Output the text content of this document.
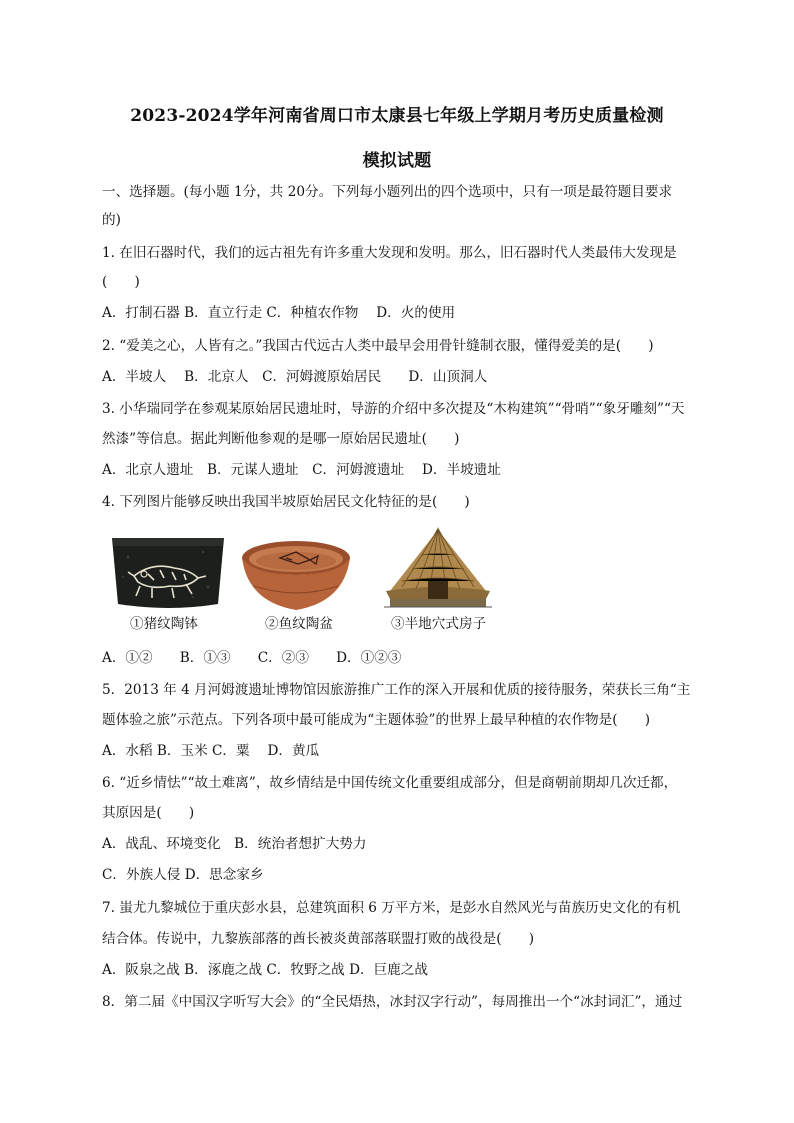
2023-2024学年河南省周口市太康县七年级上学期月考历史质量检测
模拟试题
一、选择题。(每小题 1分，共 20分。下列每小题列出的四个选项中，只有一项是最符题目要求
的)
1. 在旧石器时代，我们的远古祖先有许多重大发现和发明。那么，旧石器时代人类最伟大发现是
(　　)
A．打制石器 B．直立行走 C．种植农作物　 D．火的使用
2. “爱美之心，人皆有之。”我国古代远古人类中最早会用骨针缝制衣服，懂得爱美的是(　　)
A．半坡人　 B．北京人　C．河姆渡原始居民　　D．山顶洞人
3. 小华瑞同学在参观某原始居民遗址时，导游的介绍中多次提及“木构建筑”“骨哨”“象牙雕刻”“天
然漆”等信息。据此判断他参观的是哪一原始居民遗址(　　)
A．北京人遗址　B．元谋人遗址　C．河姆渡遗址　 D．半坡遗址
4. 下列图片能够反映出我国半坡原始居民文化特征的是(　　)
①猪纹陶钵	②鱼纹陶盆	③半地穴式房子
A．①②　　B．①③　　C．②③　　D．①②③
5．2013 年 4 月河姆渡遗址博物馆因旅游推广工作的深入开展和优质的接待服务，荣获长三角“主
题体验之旅”示范点。下列各项中最可能成为“主题体验”的世界上最早种植的农作物是(　　)
A．水稻 B．玉米 C．粟　 D．黄瓜
6. “近乡情怯”“故土难离”，故乡情结是中国传统文化重要组成部分，但是商朝前期却几次迁都，
其原因是(　　)
A．战乱、环境变化　B．统治者想扩大势力
C．外族人侵 D．思念家乡
7. 蚩尤九黎城位于重庆彭水县，总建筑面积 6 万平方米，是彭水自然风光与苗族历史文化的有机
结合体。传说中，九黎族部落的酋长被炎黄部落联盟打败的战役是(　　)
A．阪泉之战 B．涿鹿之战 C．牧野之战 D．巨鹿之战
8．第二届《中国汉字听写大会》的“全民焐热，冰封汉字行动”，每周推出一个“冰封词汇”，通过
